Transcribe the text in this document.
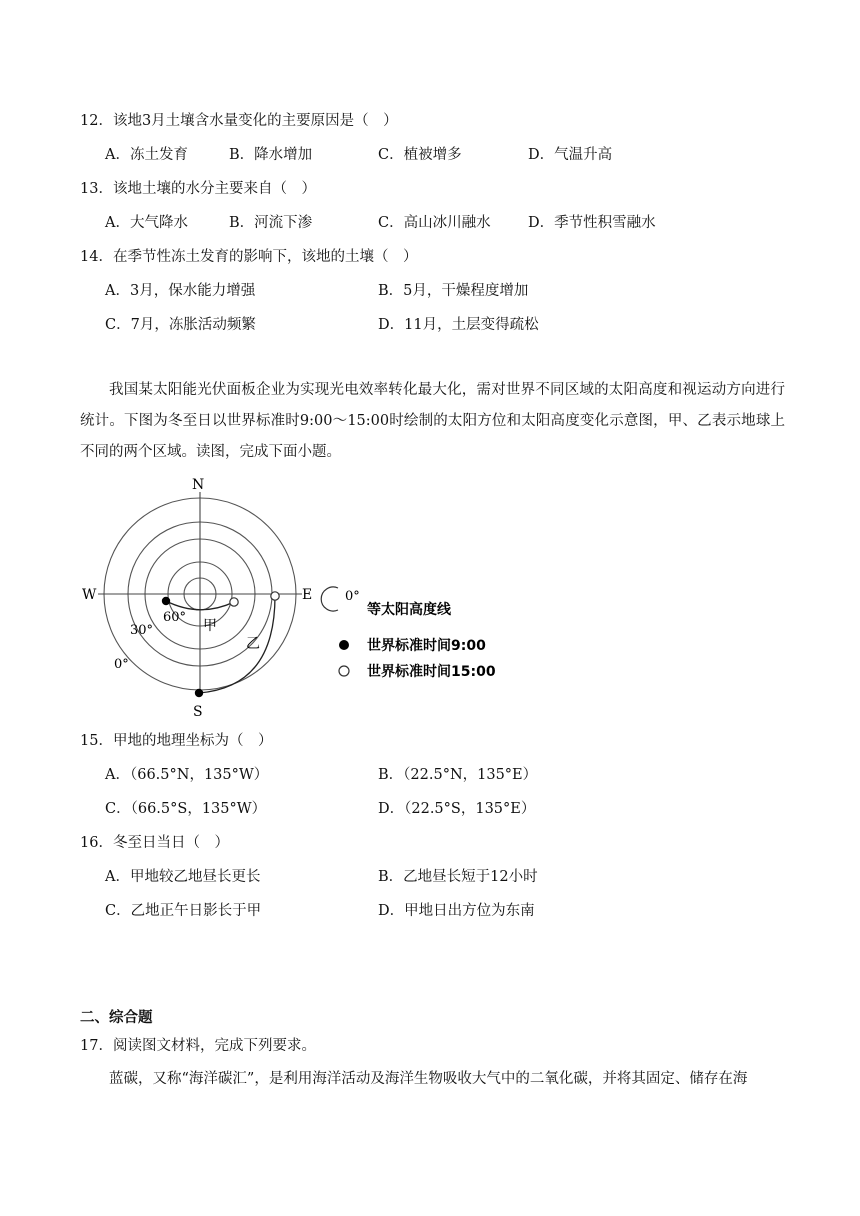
12．该地3月土壤含水量变化的主要原因是（　）
A．冻土发育	B．降水增加	C．植被增多	D．气温升高
13．该地土壤的水分主要来自（　）
A．大气降水	B．河流下渗	C．高山冰川融水	D．季节性积雪融水
14．在季节性冻土发育的影响下，该地的土壤（　）
A．3月，保水能力增强	B．5月，干燥程度增加
C．7月，冻胀活动频繁	D．11月，土层变得疏松
我国某太阳能光伏面板企业为实现光电效率转化最大化，需对世界不同区域的太阳高度和视运动方向进行统计。下图为冬至日以世界标准时9:00～15:00时绘制的太阳方位和太阳高度变化示意图，甲、乙表示地球上不同的两个区域。读图，完成下面小题。
N
S
W	E
60°
30°
0°
甲
乙
0°
等太阳高度线
世界标准时间9:00
世界标准时间15:00
15．甲地的地理坐标为（　）
A．（66.5°N，135°W）	B．（22.5°N，135°E）
C．（66.5°S，135°W）	D．（22.5°S，135°E）
16．冬至日当日（　）
A．甲地较乙地昼长更长	B．乙地昼长短于12小时
C．乙地正午日影长于甲	D．甲地日出方位为东南
二、综合题
17．阅读图文材料，完成下列要求。
蓝碳，又称“海洋碳汇”，是利用海洋活动及海洋生物吸收大气中的二氧化碳，并将其固定、储存在海
